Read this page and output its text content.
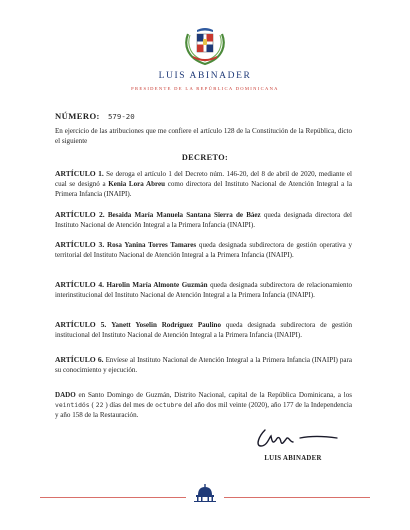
LUIS ABINADER
PRESIDENTE DE LA REPÚBLICA DOMINICANA
NÚMERO: 579-20
En ejercicio de las atribuciones que me confiere el artículo 128 de la Constitución de la República, dicto el siguiente
DECRETO:
ARTÍCULO 1. Se deroga el artículo 1 del Decreto núm. 146-20, del 8 de abril de 2020, mediante el cual se designó a Kenia Lora Abreu como directora del Instituto Nacional de Atención Integral a la Primera Infancia (INAIPI).
ARTÍCULO 2. Besaida María Manuela Santana Sierra de Báez queda designada directora del Instituto Nacional de Atención Integral a la Primera Infancia (INAIPI).
ARTÍCULO 3. Rosa Yanina Torres Tamares queda designada subdirectora de gestión operativa y territorial del Instituto Nacional de Atención Integral a la Primera Infancia (INAIPI).
ARTÍCULO 4. Harolin María Almonte Guzmán queda designada subdirectora de relacionamiento interinstitucional del Instituto Nacional de Atención Integral a la Primera Infancia (INAIPI).
ARTÍCULO 5. Yanett Yoselin Rodríguez Paulino queda designada subdirectora de gestión institucional del Instituto Nacional de Atención Integral a la Primera Infancia (INAIPI).
ARTÍCULO 6. Envíese al Instituto Nacional de Atención Integral a la Primera Infancia (INAIPI) para su conocimiento y ejecución.
DADO en Santo Domingo de Guzmán, Distrito Nacional, capital de la República Dominicana, a los veintidós ( 22 ) días del mes de octubre del año dos mil veinte (2020), año 177 de la Independencia y año 158 de la Restauración.
LUIS ABINADER
